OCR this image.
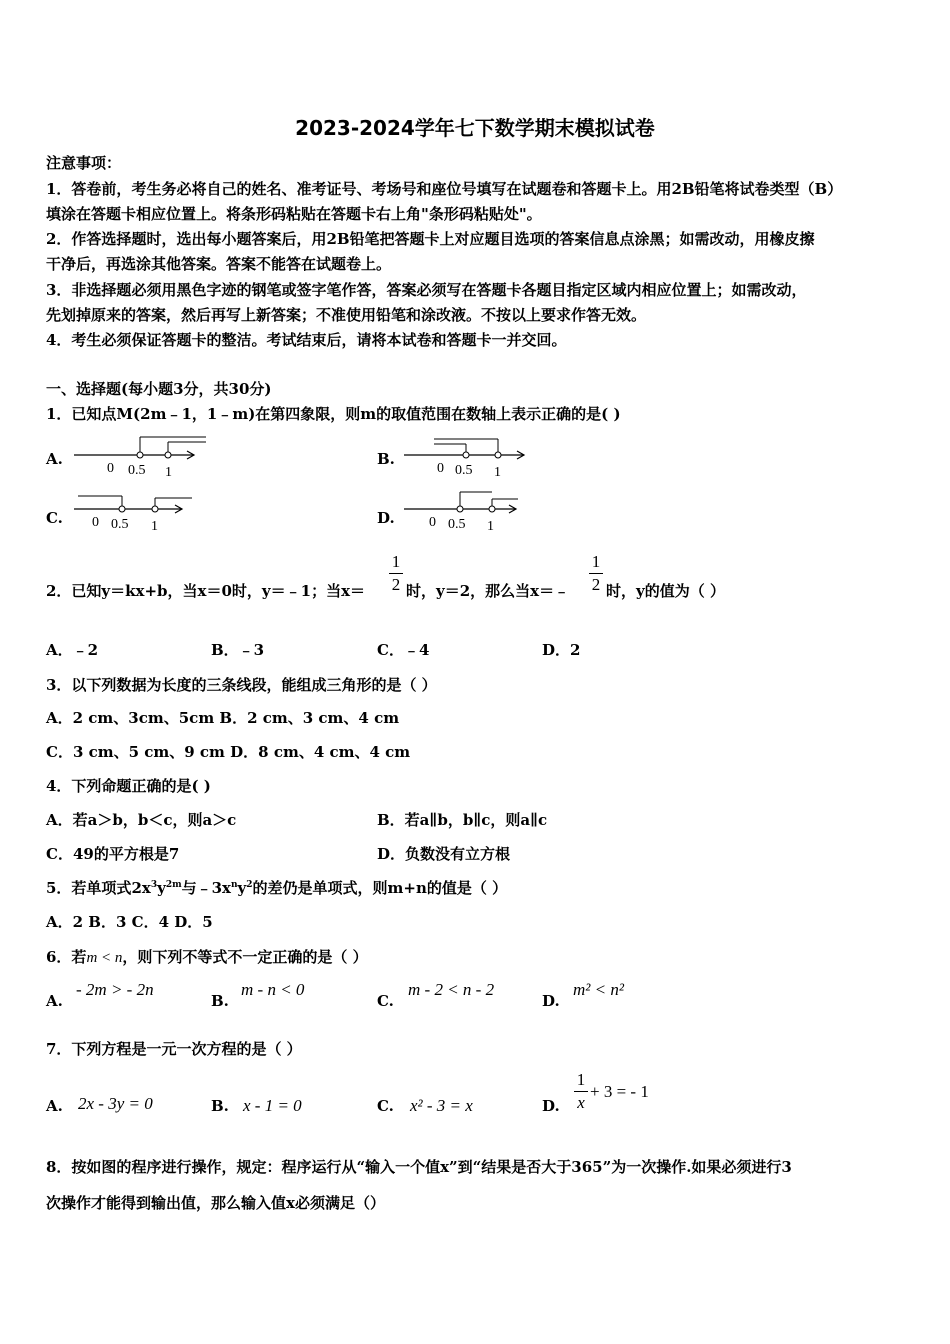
2023-2024学年七下数学期末模拟试卷
注意事项：
1．答卷前，考生务必将自己的姓名、准考证号、考场号和座位号填写在试题卷和答题卡上。用2B铅笔将试卷类型（B）
填涂在答题卡相应位置上。将条形码粘贴在答题卡右上角"条形码粘贴处"。
2．作答选择题时，选出每小题答案后，用2B铅笔把答题卡上对应题目选项的答案信息点涂黑；如需改动，用橡皮擦
干净后，再选涂其他答案。答案不能答在试题卷上。
3．非选择题必须用黑色字迹的钢笔或签字笔作答，答案必须写在答题卡各题目指定区域内相应位置上；如需改动，
先划掉原来的答案，然后再写上新答案；不准使用铅笔和涂改液。不按以上要求作答无效。
4．考生必须保证答题卡的整洁。考试结束后，请将本试卷和答题卡一并交回。
一、选择题(每小题3分，共30分)
1．已知点M(2m﹣1，1﹣m)在第四象限，则m的取值范围在数轴上表示正确的是( )
A.
0 0.5 1
B.
0 0.5 1
C. 0 0.5 1	D. 0 0.5 1
2．已知y＝kx+b，当x＝0时，y＝﹣1；当x＝
1
2 时，y＝2，那么当x＝﹣
1
2 时，y的值为（ ）
A．﹣2	B．﹣3	C．﹣4	D．2
3．以下列数据为长度的三条线段，能组成三角形的是（ ）
A．2 cm、3cm、5cm B．2 cm、3 cm、4 cm
C．3 cm、5 cm、9 cm D．8 cm、4 cm、4 cm
4．下列命题正确的是( )
A．若a＞b，b＜c，则a＞c	B．若a∥b，b∥c，则a∥c
C．49的平方根是7	D．负数没有立方根
5．若单项式$2x^3y^{2m}$与$﹣3x^ny^2$的差仍是单项式，则m+n的值是（ ）
A．2 B．3 C．4 D．5
6．若m < n，则下列不等式不一定正确的是（ ）
A.
- 2m > - 2n
B.
m - n < 0
C.
m - 2 < n - 2
D.
m² < n²
7．下列方程是一元一次方程的是（ ）
A. 2x - 3y = 0	B. x - 1 = 0	C. x² - 3 = x	D.
1
x
+ 3 = - 1
8．按如图的程序进行操作，规定：程序运行从“输入一个值x”到“结果是否大于365”为一次操作.如果必须进行3
次操作才能得到输出值，那么输入值x必须满足（）
